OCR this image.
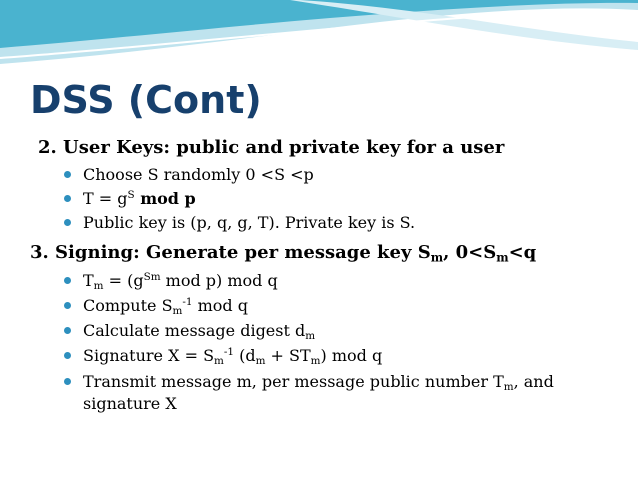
DSS (Cont)
2. User Keys: public and private key for a user
Choose S randomly 0 <S <p
$T = g^S$ mod p
Public key is (p, q, g, T). Private key is S.
3. Signing: Generate per message key $S_m$, $0<S_m<q$
$T_m = (g^{Sm}$ mod p) mod q
Compute $S_m^{-1}$ mod q
Calculate message digest $d_m$
Signature $X = S_m^{-1}$ $(d_m + ST_m)$ mod q
Transmit message m, per message public number $T_m$, and
signature X
